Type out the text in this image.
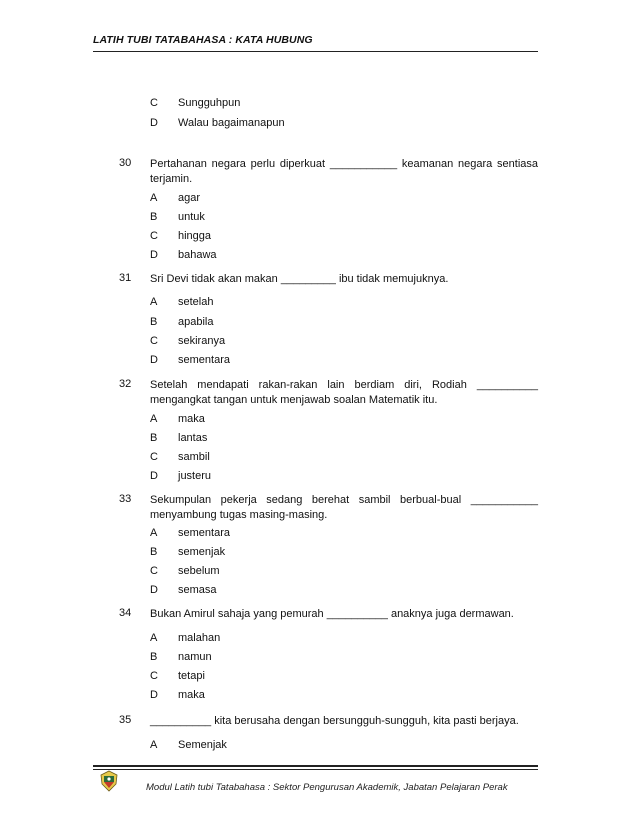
LATIH TUBI TATABAHASA : KATA HUBUNG
C Sungguhpun
D Walau bagaimanapun
30 Pertahanan negara perlu diperkuat ___________ keamanan negara sentiasa
terjamin.
A agar
B untuk
C hingga
D bahawa
31 Sri Devi tidak akan makan _________ ibu tidak memujuknya.
A setelah
B apabila
C sekiranya
D sementara
32 Setelah mendapati rakan-rakan lain berdiam diri, Rodiah __________
mengangkat tangan untuk menjawab soalan Matematik itu.
A maka
B lantas
C sambil
D justeru
33 Sekumpulan pekerja sedang berehat sambil berbual-bual ___________
menyambung tugas masing-masing.
A sementara
B semenjak
C sebelum
D semasa
34 Bukan Amirul sahaja yang pemurah __________ anaknya juga dermawan.
A malahan
B namun
C tetapi
D maka
35 __________ kita berusaha dengan bersungguh-sungguh, kita pasti berjaya.
A Semenjak
Modul Latih tubi Tatabahasa : Sektor Pengurusan Akademik, Jabatan Pelajaran Perak
